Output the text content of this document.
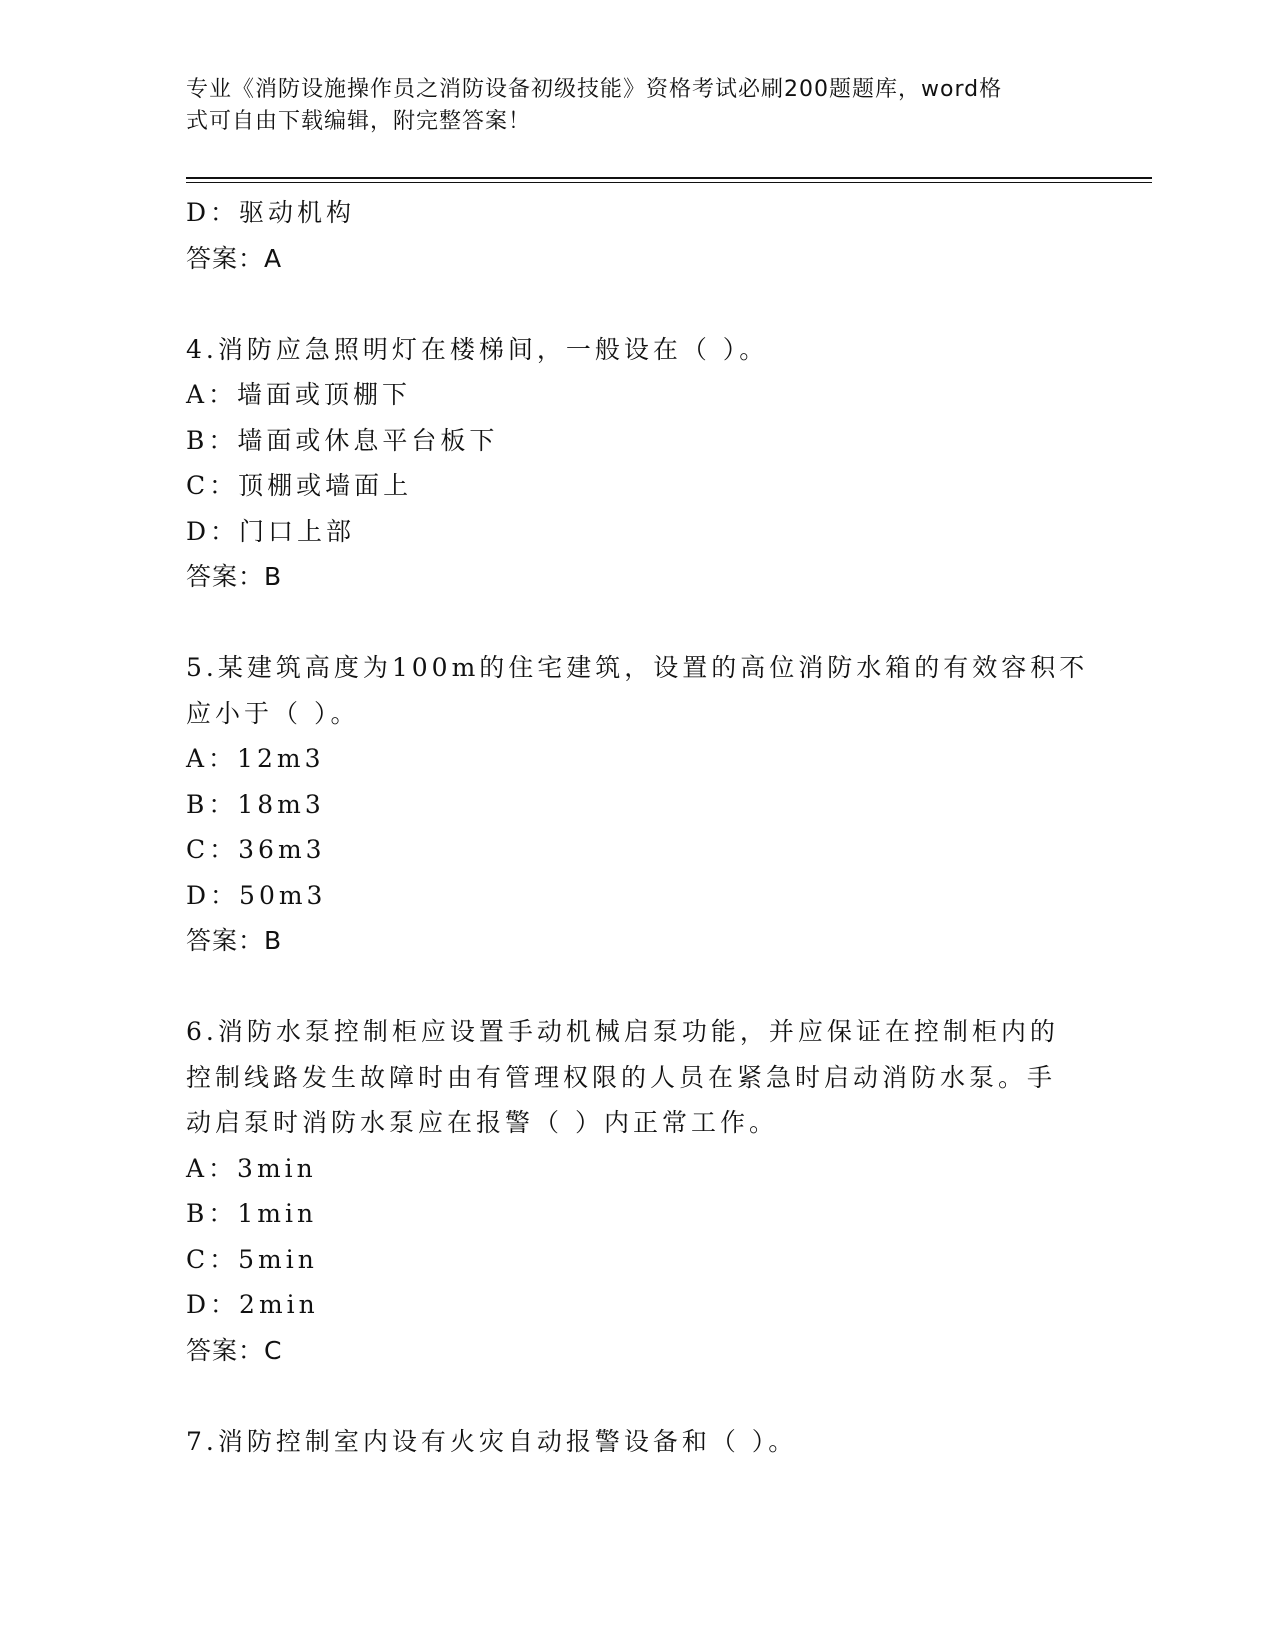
专业《消防设施操作员之消防设备初级技能》资格考试必刷200题题库，word格
式可自由下载编辑，附完整答案！
D：驱动机构
答案：A
4.消防应急照明灯在楼梯间，一般设在（ ）。
A：墙面或顶棚下
B：墙面或休息平台板下
C：顶棚或墙面上
D：门口上部
答案：B
5.某建筑高度为100m的住宅建筑，设置的高位消防水箱的有效容积不
应小于（ ）。
A：12m3
B：18m3
C：36m3
D：50m3
答案：B
6.消防水泵控制柜应设置手动机械启泵功能，并应保证在控制柜内的
控制线路发生故障时由有管理权限的人员在紧急时启动消防水泵。手
动启泵时消防水泵应在报警（ ）内正常工作。
A：3min
B：1min
C：5min
D：2min
答案：C
7.消防控制室内设有火灾自动报警设备和（ ）。
